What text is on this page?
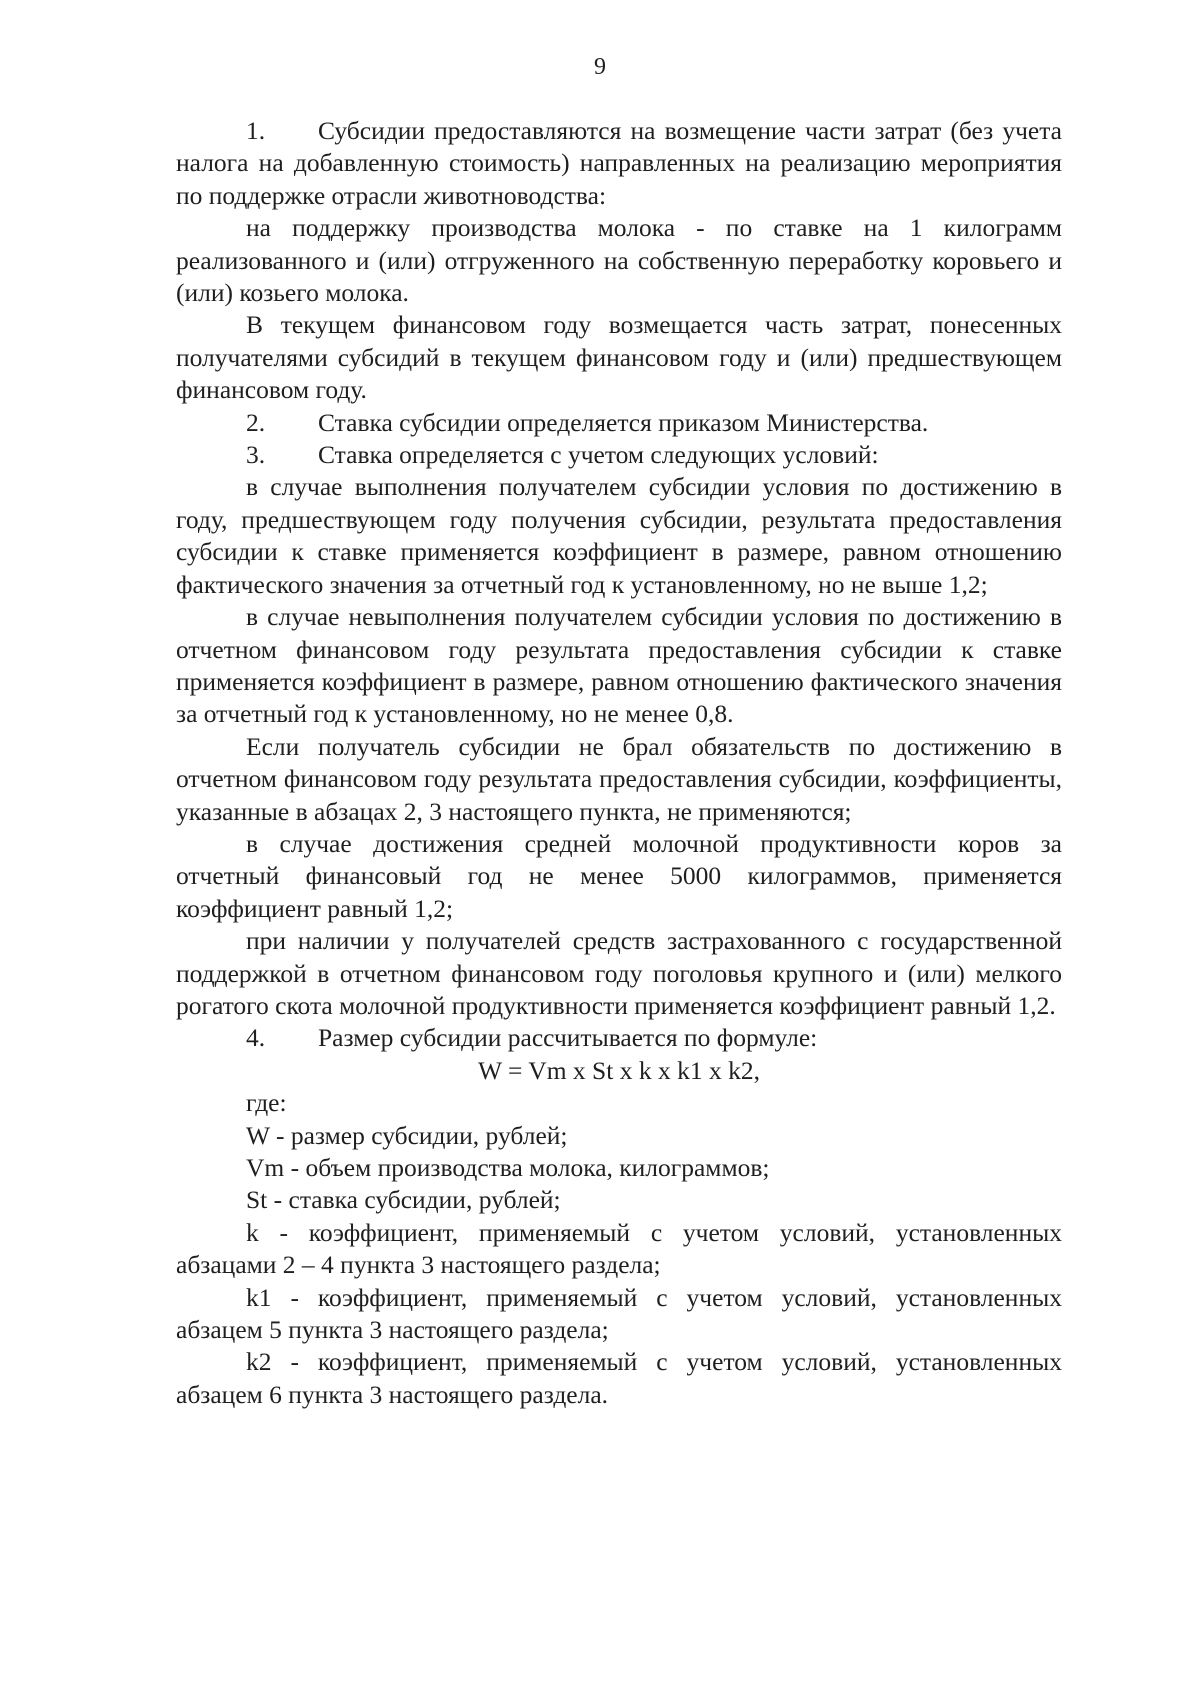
9

1. Субсидии предоставляются на возмещение части затрат (без учета налога на добавленную стоимость) направленных на реализацию мероприятия по поддержке отрасли животноводства:

на поддержку производства молока - по ставке на 1 килограмм реализованного и (или) отгруженного на собственную переработку коровьего и (или) козьего молока.

В текущем финансовом году возмещается часть затрат, понесенных получателями субсидий в текущем финансовом году и (или) предшествующем финансовом году.

2. Ставка субсидии определяется приказом Министерства.

3. Ставка определяется с учетом следующих условий:

в случае выполнения получателем субсидии условия по достижению в году, предшествующем году получения субсидии, результата предоставления субсидии к ставке применяется коэффициент в размере, равном отношению фактического значения за отчетный год к установленному, но не выше 1,2;

в случае невыполнения получателем субсидии условия по достижению в отчетном финансовом году результата предоставления субсидии к ставке применяется коэффициент в размере, равном отношению фактического значения за отчетный год к установленному, но не менее 0,8.

Если получатель субсидии не брал обязательств по достижению в отчетном финансовом году результата предоставления субсидии, коэффициенты, указанные в абзацах 2, 3 настоящего пункта, не применяются;

в случае достижения средней молочной продуктивности коров за отчетный финансовый год не менее 5000 килограммов, применяется коэффициент равный 1,2;

при наличии у получателей средств застрахованного с государственной поддержкой в отчетном финансовом году поголовья крупного и (или) мелкого рогатого скота молочной продуктивности применяется коэффициент равный 1,2.

4. Размер субсидии рассчитывается по формуле:

W = Vm x St x k x k1 x k2,

где:

W - размер субсидии, рублей;

Vm - объем производства молока, килограммов;

St - ставка субсидии, рублей;

k - коэффициент, применяемый с учетом условий, установленных абзацами 2 – 4 пункта 3 настоящего раздела;

k1 - коэффициент, применяемый с учетом условий, установленных абзацем 5 пункта 3 настоящего раздела;

k2 - коэффициент, применяемый с учетом условий, установленных абзацем 6 пункта 3 настоящего раздела.
